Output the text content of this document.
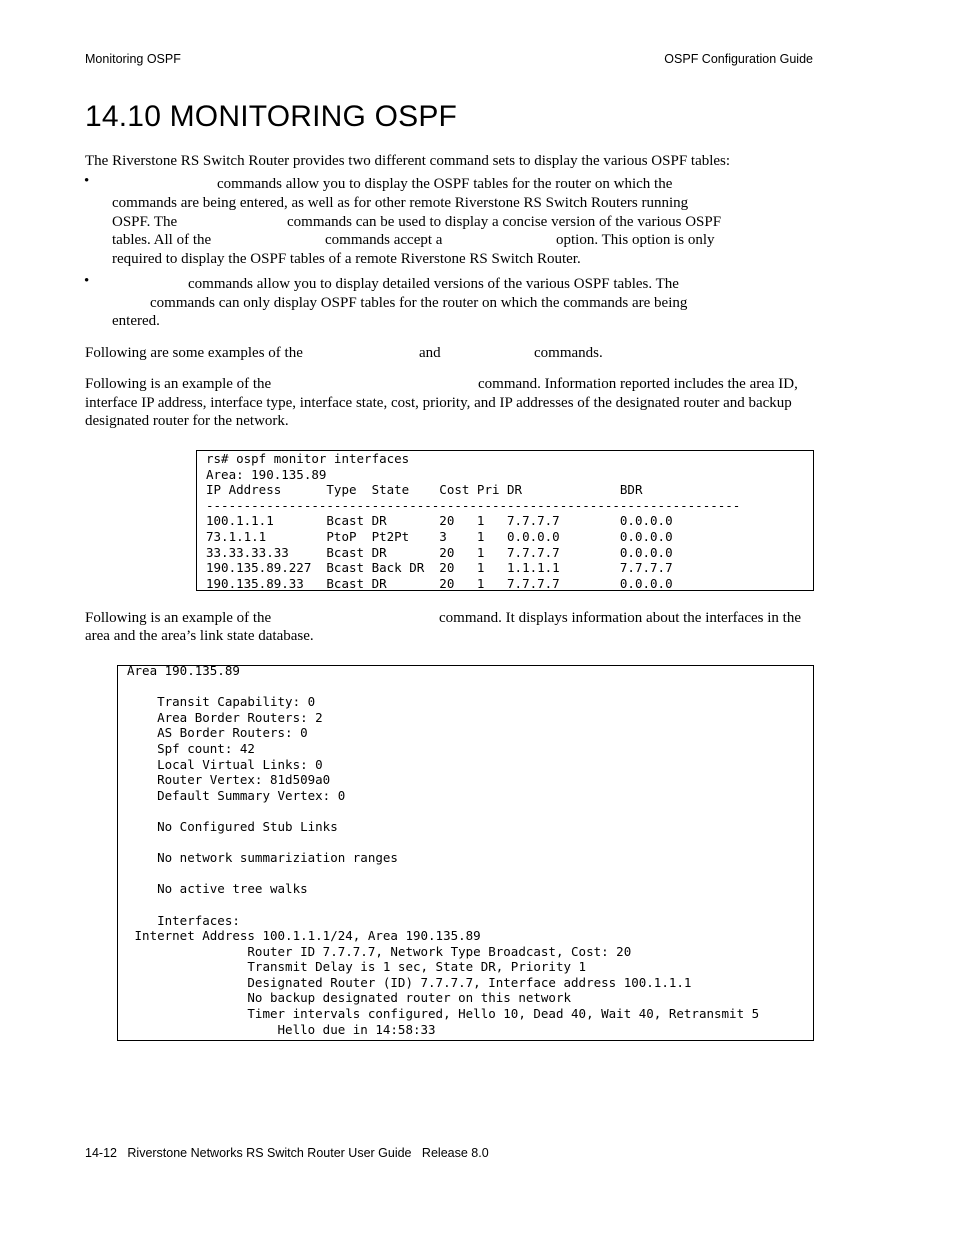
Monitoring OSPF	OSPF Configuration Guide
14.10 MONITORING OSPF
The Riverstone RS Switch Router provides two different command sets to display the various OSPF tables:
•	commands allow you to display the OSPF tables for the router on which the
commands are being entered, as well as for other remote Riverstone RS Switch Routers running
OSPF. The	commands can be used to display a concise version of the various OSPF
tables. All of the	commands accept a	option. This option is only
required to display the OSPF tables of a remote Riverstone RS Switch Router.
•	commands allow you to display detailed versions of the various OSPF tables. The
commands can only display OSPF tables for the router on which the commands are being
entered.
Following are some examples of the	and	commands.
Following is an example of the	command. Information reported includes the area ID,
interface IP address, interface type, interface state, cost, priority, and IP addresses of the designated router and backup
designated router for the network.
rs# ospf monitor interfaces
Area: 190.135.89
IP Address      Type  State    Cost Pri DR             BDR
-----------------------------------------------------------------------
100.1.1.1       Bcast DR       20   1   7.7.7.7        0.0.0.0
73.1.1.1        PtoP  Pt2Pt    3    1   0.0.0.0        0.0.0.0
33.33.33.33     Bcast DR       20   1   7.7.7.7        0.0.0.0
190.135.89.227  Bcast Back DR  20   1   1.1.1.1        7.7.7.7
190.135.89.33   Bcast DR       20   1   7.7.7.7        0.0.0.0
Following is an example of the	command. It displays information about the interfaces in the
area and the area’s link state database.
Area 190.135.89

Transit Capability: 0
Area Border Routers: 2
AS Border Routers: 0
Spf count: 42
Local Virtual Links: 0
Router Vertex: 81d509a0
Default Summary Vertex: 0

No Configured Stub Links

No network summariziation ranges

No active tree walks

Interfaces:
Internet Address 100.1.1.1/24, Area 190.135.89
Router ID 7.7.7.7, Network Type Broadcast, Cost: 20
Transmit Delay is 1 sec, State DR, Priority 1
Designated Router (ID) 7.7.7.7, Interface address 100.1.1.1
No backup designated router on this network
Timer intervals configured, Hello 10, Dead 40, Wait 40, Retransmit 5
Hello due in 14:58:33
14-12   Riverstone Networks RS Switch Router User Guide   Release 8.0
